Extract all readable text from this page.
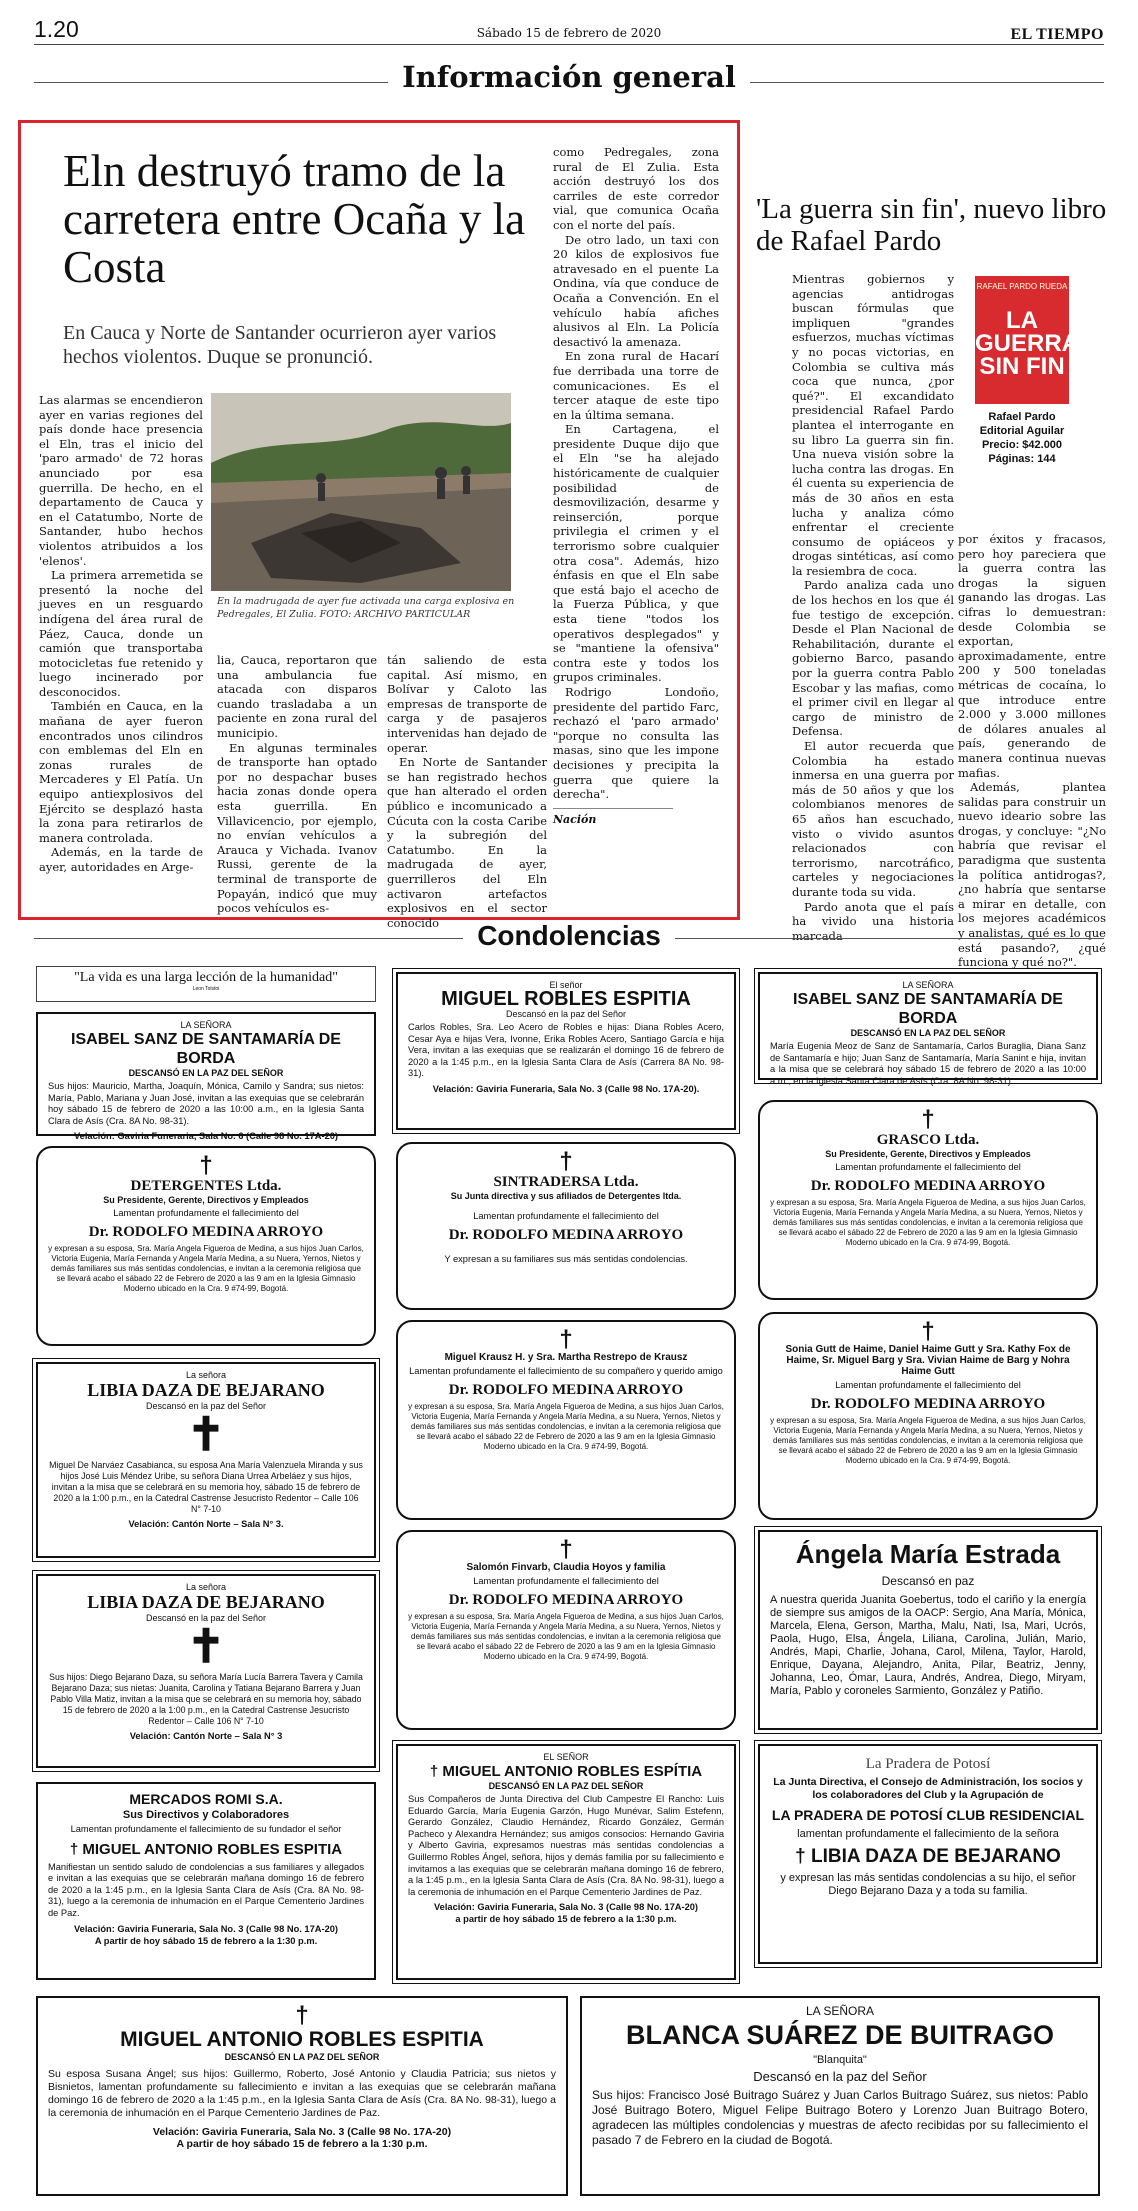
1.20	Sábado 15 de febrero de 2020	EL TIEMPO
Información general
Eln destruyó tramo de la carretera entre Ocaña y la Costa
En Cauca y Norte de Santander ocurrieron ayer varios hechos violentos. Duque se pronunció.
En la madrugada de ayer fue activada una carga explosiva en Pedregales, El Zulia. FOTO: ARCHIVO PARTICULAR

Las alarmas se encendieron ayer en varias regiones del país donde hace presencia el Eln, tras el inicio del 'paro armado' de 72 horas anunciado por esa guerrilla. De hecho, en el departamento de Cauca y en el Catatumbo, Norte de Santander, hubo hechos violentos atribuidos a los 'elenos'.

La primera arremetida se presentó la noche del jueves en un resguardo indígena del área rural de Páez, Cauca, donde un camión que transportaba motocicletas fue retenido y luego incinerado por desconocidos.

También en Cauca, en la mañana de ayer fueron encontrados unos cilindros con emblemas del Eln en zonas rurales de Mercaderes y El Patía. Un equipo antiexplosivos del Ejército se desplazó hasta la zona para retirarlos de manera controlada.

Además, en la tarde de ayer, autoridades en Arge-

lia, Cauca, reportaron que una ambulancia fue atacada con disparos cuando trasladaba a un paciente en zona rural del municipio.

En algunas terminales de transporte han optado por no despachar buses hacia zonas donde opera esta guerrilla. En Villavicencio, por ejemplo, no envían vehículos a Arauca y Vichada. Ivanov Russi, gerente de la terminal de transporte de Popayán, indicó que muy pocos vehículos es-

tán saliendo de esta capital. Así mismo, en Bolívar y Caloto las empresas de transporte de carga y de pasajeros intervenidas han dejado de operar.

En Norte de Santander se han registrado hechos que han alterado el orden público e incomunicado a Cúcuta con la costa Caribe y la subregión del Catatumbo. En la madrugada de ayer, guerrilleros del Eln activaron artefactos explosivos en el sector conocido

como Pedregales, zona rural de El Zulia. Esta acción destruyó los dos carriles de este corredor vial, que comunica Ocaña con el norte del país.

De otro lado, un taxi con 20 kilos de explosivos fue atravesado en el puente La Ondina, vía que conduce de Ocaña a Convención. En el vehículo había afiches alusivos al Eln. La Policía desactivó la amenaza.

En zona rural de Hacarí fue derribada una torre de comunicaciones. Es el tercer ataque de este tipo en la última semana.

En Cartagena, el presidente Duque dijo que el Eln "se ha alejado históricamente de cualquier posibilidad de desmovilización, desarme y reinserción, porque privilegia el crimen y el terrorismo sobre cualquier otra cosa". Además, hizo énfasis en que el Eln sabe que está bajo el acecho de la Fuerza Pública, y que esta tiene "todos los operativos desplegados" y se "mantiene la ofensiva" contra este y todos los grupos criminales.

Rodrigo Londoño, presidente del partido Farc, rechazó el 'paro armado' "porque no consulta las masas, sino que les impone decisiones y precipita la guerra que quiere la derecha".

Nación
'La guerra sin fin', nuevo libro de Rafael Pardo
RAFAEL PARDO RUEDA
LA GUERRA SIN FIN
Rafael Pardo
Editorial Aguilar
Precio: $42.000
Páginas: 144

Mientras gobiernos y agencias antidrogas buscan fórmulas que impliquen "grandes esfuerzos, muchas víctimas y no pocas victorias, en Colombia se cultiva más coca que nunca, ¿por qué?". El excandidato presidencial Rafael Pardo plantea el interrogante en su libro La guerra sin fin. Una nueva visión sobre la lucha contra las drogas. En él cuenta su experiencia de más de 30 años en esta lucha y analiza cómo enfrentar el creciente consumo de opiáceos y drogas sintéticas, así como la resiembra de coca.

Pardo analiza cada uno de los hechos en los que él fue testigo de excepción. Desde el Plan Nacional de Rehabilitación, durante el gobierno Barco, pasando por la guerra contra Pablo Escobar y las mafias, como el primer civil en llegar al cargo de ministro de Defensa.

El autor recuerda que Colombia ha estado inmersa en una guerra por más de 50 años y que los colombianos menores de 65 años han escuchado, visto o vivido asuntos relacionados con terrorismo, narcotráfico, carteles y negociaciones durante toda su vida.

Pardo anota que el país ha vivido una historia marcada

por éxitos y fracasos, pero hoy pareciera que la guerra contra las drogas la siguen ganando las drogas. Las cifras lo demuestran: desde Colombia se exportan, aproximadamente, entre 200 y 500 toneladas métricas de cocaína, lo que introduce entre 2.000 y 3.000 millones de dólares anuales al país, generando de manera continua nuevas mafias.

Además, plantea salidas para construir un nuevo ideario sobre las drogas, y concluye: "¿No habría que revisar el paradigma que sustenta la política antidrogas?, ¿no habría que sentarse a mirar en detalle, con los mejores académicos y analistas, qué es lo que está pasando?, ¿qué funciona y qué no?".

Condolencias
"La vida es una larga lección de la humanidad"
Leon Tolstoi
LA SEÑORA
ISABEL SANZ DE SANTAMARÍA DE BORDA
DESCANSÓ EN LA PAZ DEL SEÑOR
Sus hijos: Mauricio, Martha, Joaquín, Mónica, Camilo y Sandra; sus nietos: María, Pablo, Mariana y Juan José, invitan a las exequias que se celebrarán hoy sábado 15 de febrero de 2020 a las 10:00 a.m., en la Iglesia Santa Clara de Asís (Cra. 8A No. 98-31).
Velación: Gaviria Funeraria, Sala No. 6 (Calle 98 No. 17A-20)
El señor
MIGUEL ROBLES ESPITIA
Descansó en la paz del Señor
Carlos Robles, Sra. Leo Acero de Robles e hijas: Diana Robles Acero, Cesar Aya e hijas Vera, Ivonne, Erika Robles Acero, Santiago García e hija Vera, invitan a las exequias que se realizarán el domingo 16 de febrero de 2020 a la 1:45 p.m., en la Iglesia Santa Clara de Asís (Carrera 8A No. 98-31).
Velación: Gaviria Funeraria, Sala No. 3 (Calle 98 No. 17A-20).
LA SEÑORA
ISABEL SANZ DE SANTAMARÍA DE BORDA
DESCANSÓ EN LA PAZ DEL SEÑOR
María Eugenia Meoz de Sanz de Santamaría, Carlos Buraglia, Diana Sanz de Santamaría e hijo; Juan Sanz de Santamaría, María Sanint e hija, invitan a la misa que se celebrará hoy sábado 15 de febrero de 2020 a las 10:00 a.m., en la Iglesia Santa Clara de Asís (Cra. 8A No. 98-31).
†
DETERGENTES Ltda.
Su Presidente, Gerente, Directivos y Empleados
Lamentan profundamente el fallecimiento del
Dr. RODOLFO MEDINA ARROYO
y expresan a su esposa, Sra. María Angela Figueroa de Medina, a sus hijos Juan Carlos, Victoria Eugenia, María Fernanda y Angela María Medina, a su Nuera, Yernos, Nietos y demás familiares sus más sentidas condolencias, e invitan a la ceremonia religiosa que se llevará acabo el sábado 22 de Febrero de 2020 a las 9 am en la Iglesia Gimnasio Moderno ubicado en la Cra. 9 #74-99, Bogotá.
†
SINTRADERSA Ltda.
Su Junta directiva y sus afiliados de Detergentes ltda.
Lamentan profundamente el fallecimiento del
Dr. RODOLFO MEDINA ARROYO
Y expresan a su familiares sus más sentidas condolencias.
†
GRASCO Ltda.
Su Presidente, Gerente, Directivos y Empleados
Lamentan profundamente el fallecimiento del
Dr. RODOLFO MEDINA ARROYO
y expresan a su esposa, Sra. María Angela Figueroa de Medina, a sus hijos Juan Carlos, Victoria Eugenia, María Fernanda y Angela María Medina, a su Nuera, Yernos, Nietos y demás familiares sus más sentidas condolencias, e invitan a la ceremonia religiosa que se llevará acabo el sábado 22 de Febrero de 2020 a las 9 am en la Iglesia Gimnasio Moderno ubicado en la Cra. 9 #74-99, Bogotá.
La señora
LIBIA DAZA DE BEJARANO
Descansó en la paz del Señor
✝
Miguel De Narváez Casabianca, su esposa Ana María Valenzuela Miranda y sus hijos José Luis Méndez Uribe, su señora Diana Urrea Arbeláez y sus hijos, invitan a la misa que se celebrará en su memoria hoy, sábado 15 de febrero de 2020 a la 1:00 p.m., en la Catedral Castrense Jesucristo Redentor – Calle 106 N° 7-10
Velación: Cantón Norte – Sala N° 3.
†
Miguel Krausz H. y Sra. Martha Restrepo de Krausz
Lamentan profundamente el fallecimiento de su compañero y querido amigo
Dr. RODOLFO MEDINA ARROYO
y expresan a su esposa, Sra. María Angela Figueroa de Medina, a sus hijos Juan Carlos, Victoria Eugenia, María Fernanda y Angela María Medina, a su Nuera, Yernos, Nietos y demás familiares sus más sentidas condolencias, e invitan a la ceremonia religiosa que se llevará acabo el sábado 22 de Febrero de 2020 a las 9 am en la Iglesia Gimnasio Moderno ubicado en la Cra. 9 #74-99, Bogotá.
†
Sonia Gutt de Haime, Daniel Haime Gutt y Sra. Kathy Fox de Haime, Sr. Miguel Barg y Sra. Vivian Haime de Barg y Nohra Haime Gutt
Lamentan profundamente el fallecimiento del
Dr. RODOLFO MEDINA ARROYO
y expresan a su esposa, Sra. María Angela Figueroa de Medina, a sus hijos Juan Carlos, Victoria Eugenia, María Fernanda y Angela María Medina, a su Nuera, Yernos, Nietos y demás familiares sus más sentidas condolencias, e invitan a la ceremonia religiosa que se llevará acabo el sábado 22 de Febrero de 2020 a las 9 am en la Iglesia Gimnasio Moderno ubicado en la Cra. 9 #74-99, Bogotá.
La señora
LIBIA DAZA DE BEJARANO
Descansó en la paz del Señor
✝
Sus hijos: Diego Bejarano Daza, su señora María Lucía Barrera Tavera y Camila Bejarano Daza; sus nietas: Juanita, Carolina y Tatiana Bejarano Barrera y Juan Pablo Villa Matiz, invitan a la misa que se celebrará en su memoria hoy, sábado 15 de febrero de 2020 a la 1:00 p.m., en la Catedral Castrense Jesucristo Redentor – Calle 106 N° 7-10
Velación: Cantón Norte – Sala N° 3
†
Salomón Finvarb, Claudia Hoyos y familia
Lamentan profundamente el fallecimiento del
Dr. RODOLFO MEDINA ARROYO
y expresan a su esposa, Sra. María Angela Figueroa de Medina, a sus hijos Juan Carlos, Victoria Eugenia, María Fernanda y Angela María Medina, a su Nuera, Yernos, Nietos y demás familiares sus más sentidas condolencias, e invitan a la ceremonia religiosa que se llevará acabo el sábado 22 de Febrero de 2020 a las 9 am en la Iglesia Gimnasio Moderno ubicado en la Cra. 9 #74-99, Bogotá.
Ángela María Estrada
Descansó en paz
A nuestra querida Juanita Goebertus, todo el cariño y la energía de siempre sus amigos de la OACP: Sergio, Ana María, Mónica, Marcela, Elena, Gerson, Martha, Malu, Nati, Isa, Mari, Ucrós, Paola, Hugo, Elsa, Ángela, Liliana, Carolina, Julián, Mario, Andrés, Mapi, Charlie, Johana, Carol, Milena, Taylor, Harold, Enrique, Dayana, Alejandro, Anita, Pilar, Beatriz, Jenny, Johanna, Leo, Ómar, Laura, Andrés, Andrea, Diego, Miryam, María, Pablo y coroneles Sarmiento, González y Patiño.
MERCADOS ROMI S.A.
Sus Directivos y Colaboradores
Lamentan profundamente el fallecimiento de su fundador el señor
† MIGUEL ANTONIO ROBLES ESPITIA
Manifiestan un sentido saludo de condolencias a sus familiares y allegados e invitan a las exequias que se celebrarán mañana domingo 16 de febrero de 2020 a la 1:45 p.m., en la Iglesia Santa Clara de Asís (Cra. 8A No. 98-31), luego a la ceremonia de inhumación en el Parque Cementerio Jardines de Paz.
Velación: Gaviria Funeraria, Sala No. 3 (Calle 98 No. 17A-20)
A partir de hoy sábado 15 de febrero a la 1:30 p.m.
EL SEÑOR
† MIGUEL ANTONIO ROBLES ESPÍTIA
DESCANSÓ EN LA PAZ DEL SEÑOR
Sus Compañeros de Junta Directiva del Club Campestre El Rancho: Luis Eduardo García, María Eugenia Garzón, Hugo Munévar, Salim Estefenn, Gerardo González, Claudio Hernández, Ricardo González, Germán Pacheco y Alexandra Hernández; sus amigos consocios: Hernando Gaviria y Alberto Gaviria, expresamos nuestras más sentidas condolencias a Guillermo Robles Ángel, señora, hijos y demás familia por su fallecimiento e invitamos a las exequias que se celebrarán mañana domingo 16 de febrero, a la 1:45 p.m., en la Iglesia Santa Clara de Asís (Cra. 8A No. 98-31), luego a la ceremonia de inhumación en el Parque Cementerio Jardines de Paz.
Velación: Gaviria Funeraria, Sala No. 3 (Calle 98 No. 17A-20)
a partir de hoy sábado 15 de febrero a la 1:30 p.m.
La Pradera de Potosí
La Junta Directiva, el Consejo de Administración, los socios y los colaboradores del Club y la Agrupación de
LA PRADERA DE POTOSÍ CLUB RESIDENCIAL
lamentan profundamente el fallecimiento de la señora
† LIBIA DAZA DE BEJARANO
y expresan las más sentidas condolencias a su hijo, el señor Diego Bejarano Daza y a toda su familia.
†
MIGUEL ANTONIO ROBLES ESPITIA
DESCANSÓ EN LA PAZ DEL SEÑOR
Su esposa Susana Ángel; sus hijos: Guillermo, Roberto, José Antonio y Claudia Patricia; sus nietos y Bisnietos, lamentan profundamente su fallecimiento e invitan a las exequias que se celebrarán mañana domingo 16 de febrero de 2020 a la 1:45 p.m., en la Iglesia Santa Clara de Asís (Cra. 8A No. 98-31), luego a la ceremonia de inhumación en el Parque Cementerio Jardines de Paz.
Velación: Gaviria Funeraria, Sala No. 3 (Calle 98 No. 17A-20)
A partir de hoy sábado 15 de febrero a la 1:30 p.m.
LA SEÑORA
BLANCA SUÁREZ DE BUITRAGO
"Blanquita"
Descansó en la paz del Señor
Sus hijos: Francisco José Buitrago Suárez y Juan Carlos Buitrago Suárez, sus nietos: Pablo José Buitrago Botero, Miguel Felipe Buitrago Botero y Lorenzo Juan Buitrago Botero, agradecen las múltiples condolencias y muestras de afecto recibidas por su fallecimiento el pasado 7 de Febrero en la ciudad de Bogotá.
